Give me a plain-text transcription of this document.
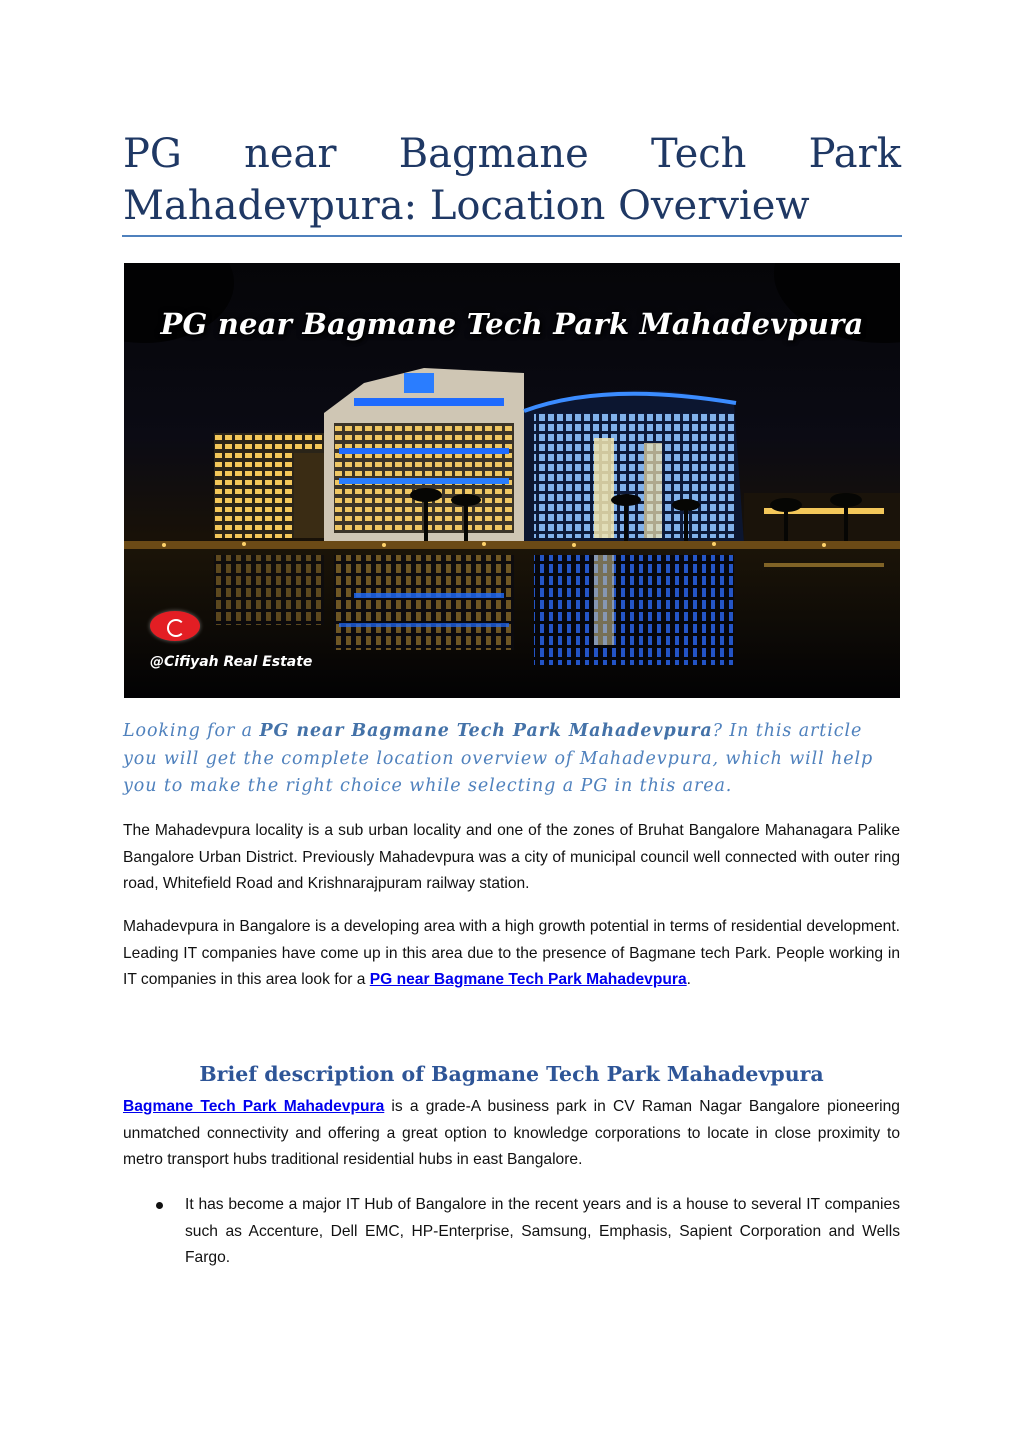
PG near Bagmane Tech Park
Mahadevpura: Location Overview
PG near Bagmane Tech Park Mahadevpura
@Cifiyah Real Estate

Looking for a PG near Bagmane Tech Park Mahadevpura? In this article you will get the complete location overview of Mahadevpura, which will help you to make the right choice while selecting a PG in this area.

The Mahadevpura locality is a sub urban locality and one of the zones of Bruhat Bangalore Mahanagara Palike Bangalore Urban District. Previously Mahadevpura was a city of municipal council well connected with outer ring road, Whitefield Road and Krishnarajpuram railway station.

Mahadevpura in Bangalore is a developing area with a high growth potential in terms of residential development. Leading IT companies have come up in this area due to the presence of Bagmane tech Park. People working in IT companies in this area look for a PG near Bagmane Tech Park Mahadevpura.

Brief description of Bagmane Tech Park Mahadevpura

Bagmane Tech Park Mahadevpura is a grade-A business park in CV Raman Nagar Bangalore pioneering unmatched connectivity and offering a great option to knowledge corporations to locate in close proximity to metro transport hubs traditional residential hubs in east Bangalore.

It has become a major IT Hub of Bangalore in the recent years and is a house to several IT companies such as Accenture, Dell EMC, HP-Enterprise, Samsung, Emphasis, Sapient Corporation and Wells Fargo.
